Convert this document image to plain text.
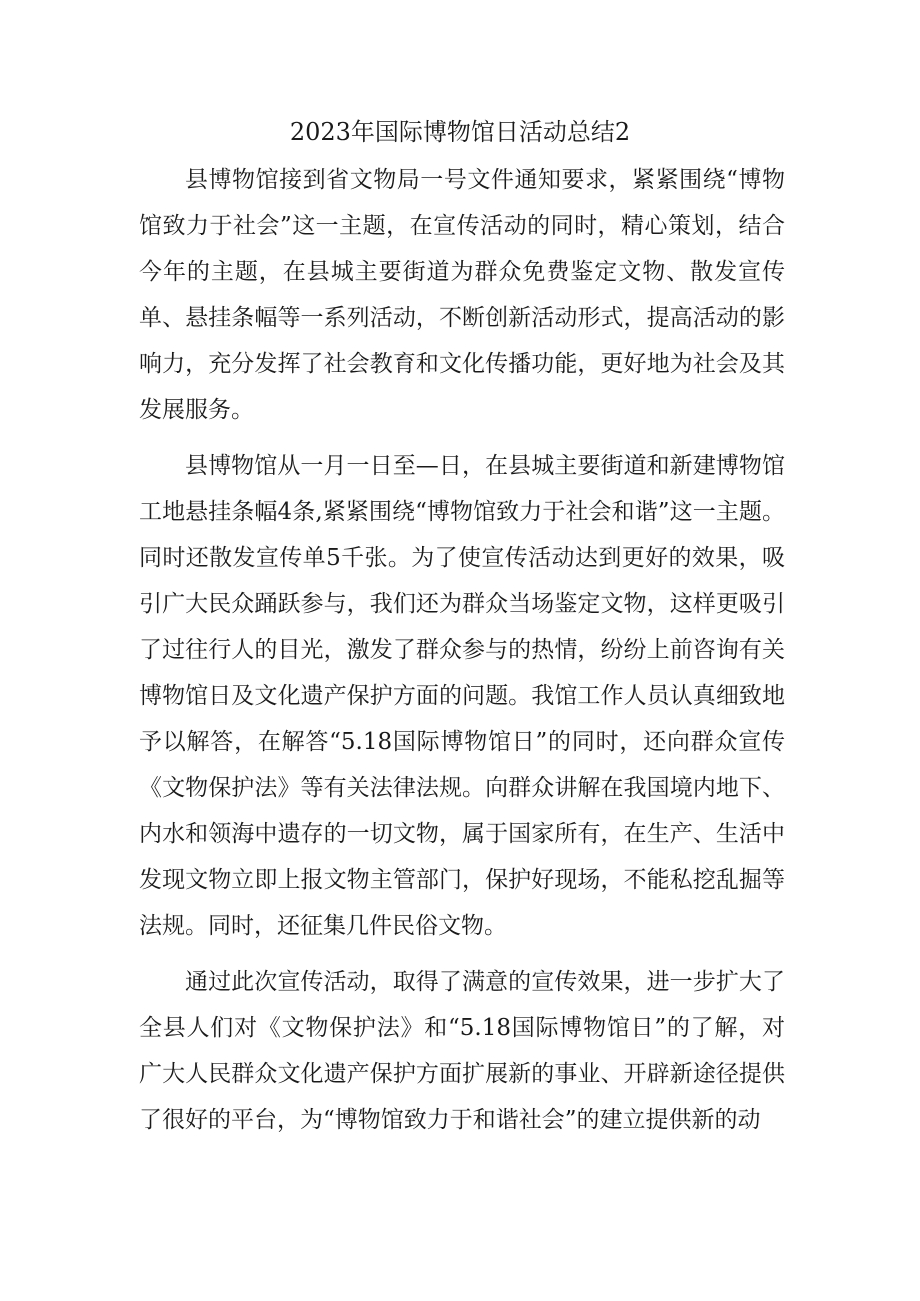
2023年国际博物馆日活动总结2

县博物馆接到省文物局一号文件通知要求，紧紧围绕“博物馆致力于社会”这一主题，在宣传活动的同时，精心策划，结合今年的主题，在县城主要街道为群众免费鉴定文物、散发宣传单、悬挂条幅等一系列活动，不断创新活动形式，提高活动的影响力，充分发挥了社会教育和文化传播功能，更好地为社会及其发展服务。

县博物馆从一月一日至—日，在县城主要街道和新建博物馆工地悬挂条幅4条,紧紧围绕“博物馆致力于社会和谐”这一主题。同时还散发宣传单5千张。为了使宣传活动达到更好的效果，吸引广大民众踊跃参与，我们还为群众当场鉴定文物，这样更吸引了过往行人的目光，激发了群众参与的热情，纷纷上前咨询有关博物馆日及文化遗产保护方面的问题。我馆工作人员认真细致地予以解答，在解答“5.18国际博物馆日”的同时，还向群众宣传《文物保护法》等有关法律法规。向群众讲解在我国境内地下、内水和领海中遗存的一切文物，属于国家所有，在生产、生活中发现文物立即上报文物主管部门，保护好现场，不能私挖乱掘等法规。同时，还征集几件民俗文物。

通过此次宣传活动，取得了满意的宣传效果，进一步扩大了全县人们对《文物保护法》和“5.18国际博物馆日”的了解，对广大人民群众文化遗产保护方面扩展新的事业、开辟新途径提供了很好的平台，为“博物馆致力于和谐社会”的建立提供新的动
